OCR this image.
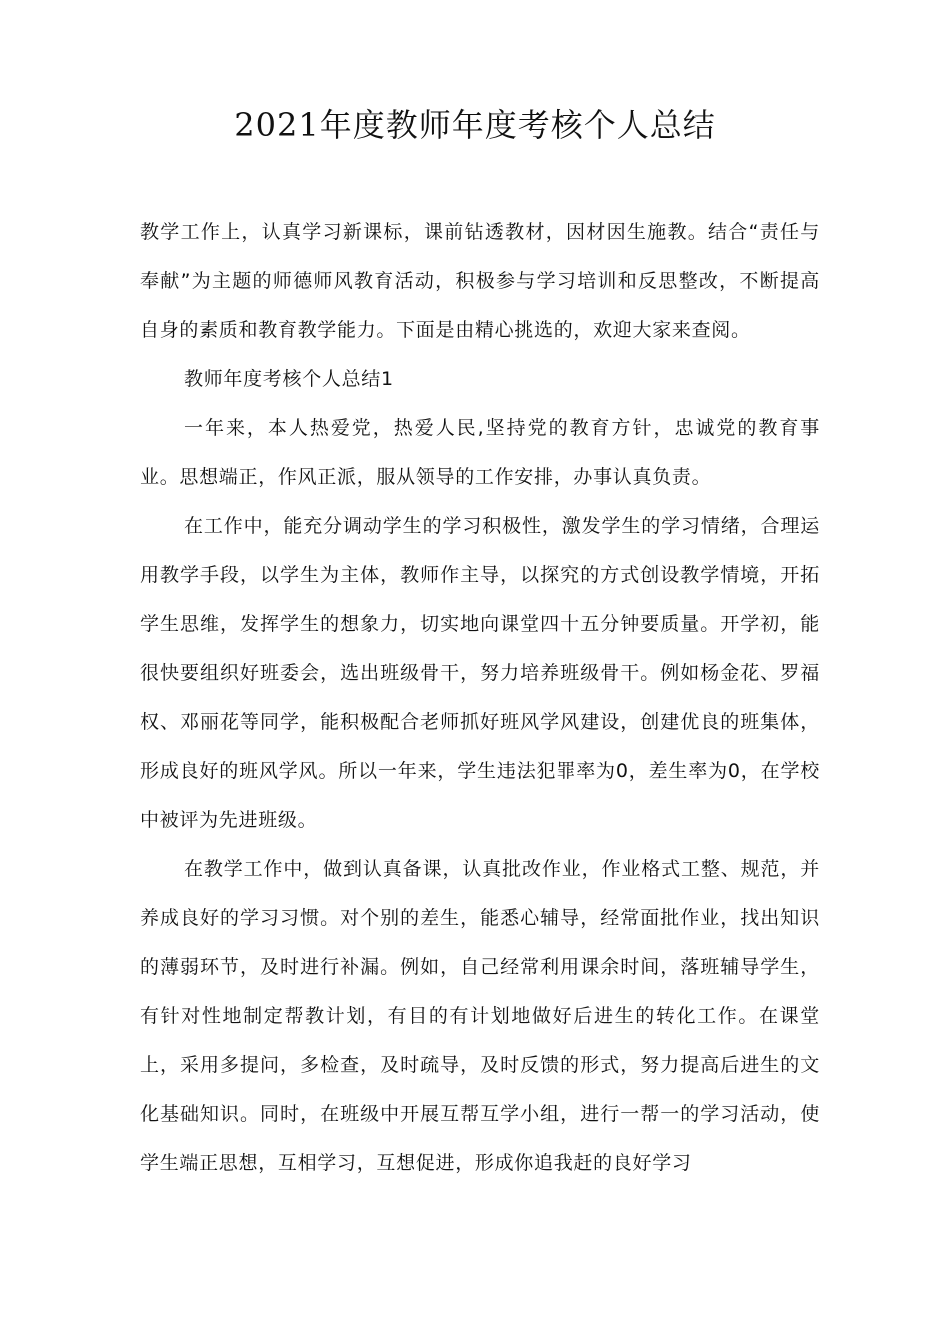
2021年度教师年度考核个人总结

教学工作上，认真学习新课标，课前钻透教材，因材因生施教。结合“责任与奉献”为主题的师德师风教育活动，积极参与学习培训和反思整改，不断提高自身的素质和教育教学能力。下面是由精心挑选的，欢迎大家来查阅。

教师年度考核个人总结1

一年来，本人热爱党，热爱人民,坚持党的教育方针，忠诚党的教育事业。思想端正，作风正派，服从领导的工作安排，办事认真负责。

在工作中，能充分调动学生的学习积极性，激发学生的学习情绪，合理运用教学手段，以学生为主体，教师作主导，以探究的方式创设教学情境，开拓学生思维，发挥学生的想象力，切实地向课堂四十五分钟要质量。开学初，能很快要组织好班委会，选出班级骨干，努力培养班级骨干。例如杨金花、罗福权、邓丽花等同学，能积极配合老师抓好班风学风建设，创建优良的班集体，形成良好的班风学风。所以一年来，学生违法犯罪率为0，差生率为0，在学校中被评为先进班级。

在教学工作中，做到认真备课，认真批改作业，作业格式工整、规范，并养成良好的学习习惯。对个别的差生，能悉心辅导，经常面批作业，找出知识的薄弱环节，及时进行补漏。例如，自己经常利用课余时间，落班辅导学生，有针对性地制定帮教计划，有目的有计划地做好后进生的转化工作。在课堂上，采用多提问，多检查，及时疏导，及时反馈的形式，努力提高后进生的文化基础知识。同时，在班级中开展互帮互学小组，进行一帮一的学习活动，使学生端正思想，互相学习，互想促进，形成你追我赶的良好学习
